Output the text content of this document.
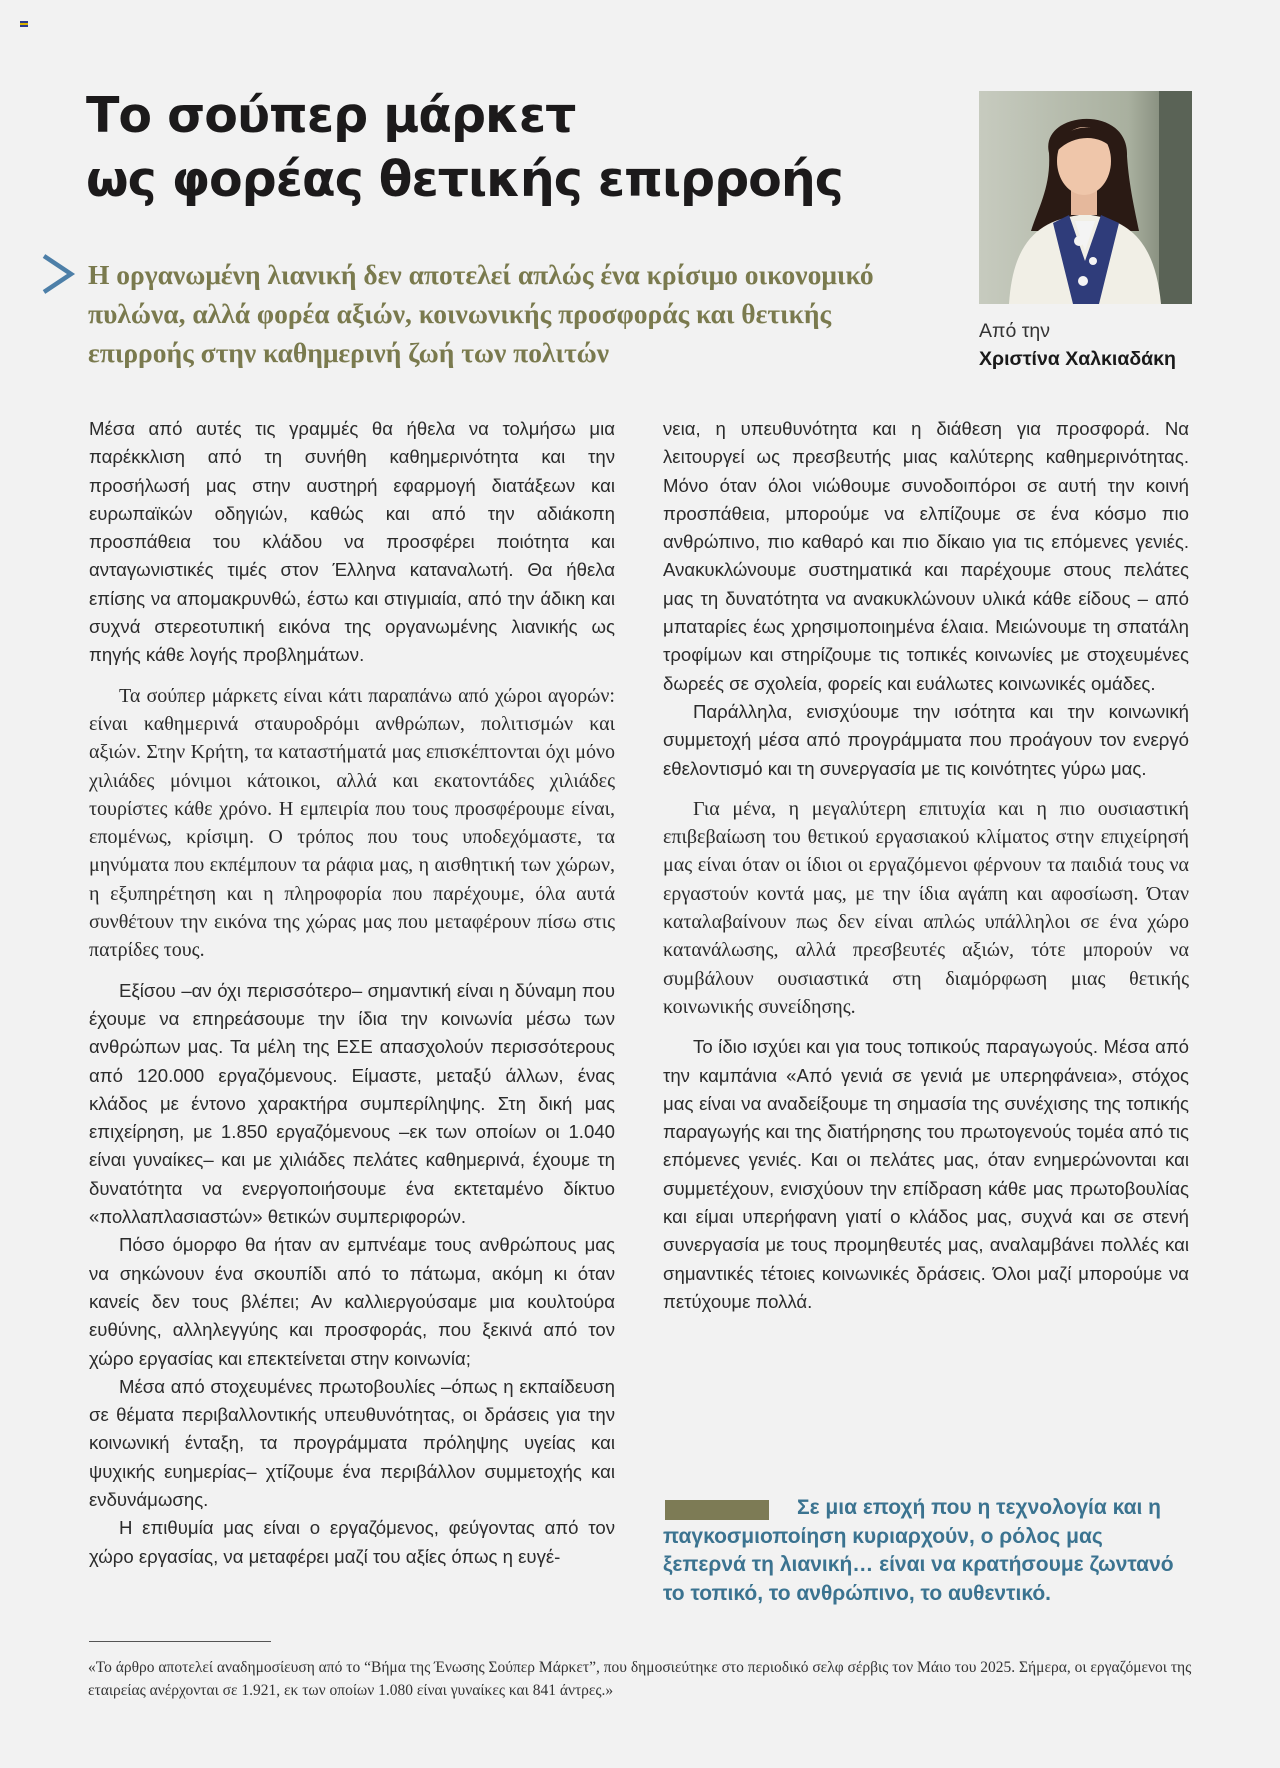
Το σούπερ μάρκετ
ως φορέας θετικής επιρροής

Η οργανωμένη λιανική δεν αποτελεί απλώς ένα κρίσιμο οικονομικό πυλώνα, αλλά φορέα αξιών, κοινωνικής προσφοράς και θετικής επιρροής στην καθημερινή ζωή των πολιτών

Από την
Χριστίνα Χαλκιαδάκη

Μέσα από αυτές τις γραμμές θα ήθελα να τολμήσω μια παρέκκλιση από τη συνήθη καθημερινότητα και την προσήλωσή μας στην αυστηρή εφαρμογή διατάξεων και ευρωπαϊκών οδηγιών, καθώς και από την αδιάκοπη προσπάθεια του κλάδου να προσφέρει ποιότητα και ανταγωνιστικές τιμές στον Έλληνα καταναλωτή. Θα ήθελα επίσης να απομακρυνθώ, έστω και στιγμιαία, από την άδικη και συχνά στερεοτυπική εικόνα της οργανωμένης λιανικής ως πηγής κάθε λογής προβλημάτων.

Τα σούπερ μάρκετς είναι κάτι παραπάνω από χώροι αγορών: είναι καθημερινά σταυροδρόμι ανθρώπων, πολιτισμών και αξιών. Στην Κρήτη, τα καταστήματά μας επισκέπτονται όχι μόνο χιλιάδες μόνιμοι κάτοικοι, αλλά και εκατοντάδες χιλιάδες τουρίστες κάθε χρόνο. Η εμπειρία που τους προσφέρουμε είναι, επομένως, κρίσιμη. Ο τρόπος που τους υποδεχόμαστε, τα μηνύματα που εκπέμπουν τα ράφια μας, η αισθητική των χώρων, η εξυπηρέτηση και η πληροφορία που παρέχουμε, όλα αυτά συνθέτουν την εικόνα της χώρας μας που μεταφέρουν πίσω στις πατρίδες τους.

Εξίσου –αν όχι περισσότερο– σημαντική είναι η δύναμη που έχουμε να επηρεάσουμε την ίδια την κοινωνία μέσω των ανθρώπων μας. Τα μέλη της ΕΣΕ απασχολούν περισσότερους από 120.000 εργαζόμενους. Είμαστε, μεταξύ άλλων, ένας κλάδος με έντονο χαρακτήρα συμπερίληψης. Στη δική μας επιχείρηση, με 1.850 εργαζόμενους –εκ των οποίων οι 1.040 είναι γυναίκες– και με χιλιάδες πελάτες καθημερινά, έχουμε τη δυνατότητα να ενεργοποιήσουμε ένα εκτεταμένο δίκτυο «πολλαπλασιαστών» θετικών συμπεριφορών.

Πόσο όμορφο θα ήταν αν εμπνέαμε τους ανθρώπους μας να σηκώνουν ένα σκουπίδι από το πάτωμα, ακόμη κι όταν κανείς δεν τους βλέπει; Αν καλλιεργούσαμε μια κουλτούρα ευθύνης, αλληλεγγύης και προσφοράς, που ξεκινά από τον χώρο εργασίας και επεκτείνεται στην κοινωνία;

Μέσα από στοχευμένες πρωτοβουλίες –όπως η εκπαίδευση σε θέματα περιβαλλοντικής υπευθυνότητας, οι δράσεις για την κοινωνική ένταξη, τα προγράμματα πρόληψης υγείας και ψυχικής ευημερίας– χτίζουμε ένα περιβάλλον συμμετοχής και ενδυνάμωσης.

Η επιθυμία μας είναι ο εργαζόμενος, φεύγοντας από τον χώρο εργασίας, να μεταφέρει μαζί του αξίες όπως η ευγέ-

νεια, η υπευθυνότητα και η διάθεση για προσφορά. Να λειτουργεί ως πρεσβευτής μιας καλύτερης καθημερινότητας. Μόνο όταν όλοι νιώθουμε συνοδοιπόροι σε αυτή την κοινή προσπάθεια, μπορούμε να ελπίζουμε σε ένα κόσμο πιο ανθρώπινο, πιο καθαρό και πιο δίκαιο για τις επόμενες γενιές. Ανακυκλώνουμε συστηματικά και παρέχουμε στους πελάτες μας τη δυνατότητα να ανακυκλώνουν υλικά κάθε είδους – από μπαταρίες έως χρησιμοποιημένα έλαια. Μειώνουμε τη σπατάλη τροφίμων και στηρίζουμε τις τοπικές κοινωνίες με στοχευμένες δωρεές σε σχολεία, φορείς και ευάλωτες κοινωνικές ομάδες.

Παράλληλα, ενισχύουμε την ισότητα και την κοινωνική συμμετοχή μέσα από προγράμματα που προάγουν τον ενεργό εθελοντισμό και τη συνεργασία με τις κοινότητες γύρω μας.

Για μένα, η μεγαλύτερη επιτυχία και η πιο ουσιαστική επιβεβαίωση του θετικού εργασιακού κλίματος στην επιχείρησή μας είναι όταν οι ίδιοι οι εργαζόμενοι φέρνουν τα παιδιά τους να εργαστούν κοντά μας, με την ίδια αγάπη και αφοσίωση. Όταν καταλαβαίνουν πως δεν είναι απλώς υπάλληλοι σε ένα χώρο κατανάλωσης, αλλά πρεσβευτές αξιών, τότε μπορούν να συμβάλουν ουσιαστικά στη διαμόρφωση μιας θετικής κοινωνικής συνείδησης.

Το ίδιο ισχύει και για τους τοπικούς παραγωγούς. Μέσα από την καμπάνια «Από γενιά σε γενιά με υπερηφάνεια», στόχος μας είναι να αναδείξουμε τη σημασία της συνέχισης της τοπικής παραγωγής και της διατήρησης του πρωτογενούς τομέα από τις επόμενες γενιές. Και οι πελάτες μας, όταν ενημερώνονται και συμμετέχουν, ενισχύουν την επίδραση κάθε μας πρωτοβουλίας και είμαι υπερήφανη γιατί ο κλάδος μας, συχνά και σε στενή συνεργασία με τους προμηθευτές μας, αναλαμβάνει πολλές και σημαντικές τέτοιες κοινωνικές δράσεις. Όλοι μαζί μπορούμε να πετύχουμε πολλά.

Σε μια εποχή που η τεχνολογία και η παγκοσμιοποίηση κυριαρχούν, ο ρόλος μας ξεπερνά τη λιανική… είναι να κρατήσουμε ζωντανό το τοπικό, το ανθρώπινο, το αυθεντικό.

«Το άρθρο αποτελεί αναδημοσίευση από το “Βήμα της Ένωσης Σούπερ Μάρκετ”, που δημοσιεύτηκε στο περιοδικό σελφ σέρβις τον Μάιο του 2025. Σήμερα, οι εργαζόμενοι της εταιρείας ανέρχονται σε 1.921, εκ των οποίων 1.080 είναι γυναίκες και 841 άντρες.»
